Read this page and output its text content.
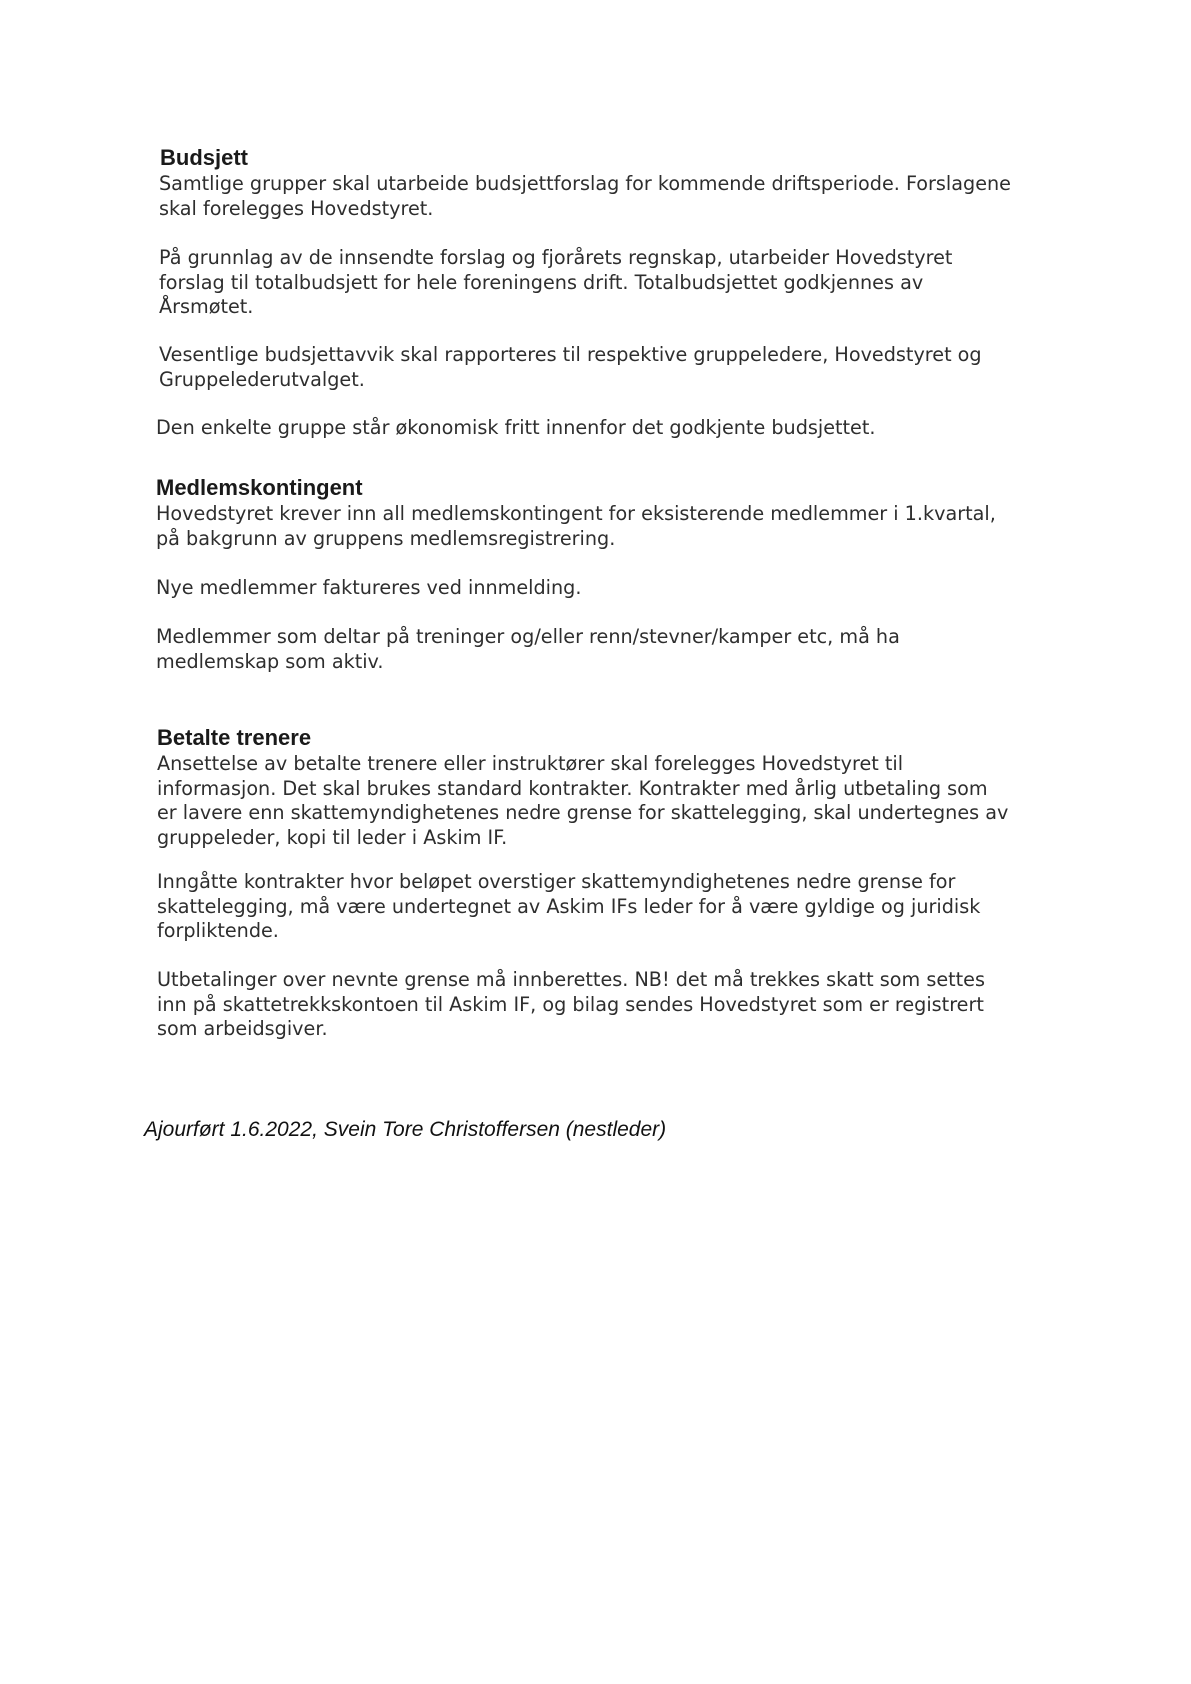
Budsjett

Samtlige grupper skal utarbeide budsjettforslag for kommende driftsperiode. Forslagene
skal forelegges Hovedstyret.

På grunnlag av de innsendte forslag og fjorårets regnskap, utarbeider Hovedstyret
forslag til totalbudsjett for hele foreningens drift. Totalbudsjettet godkjennes av
Årsmøtet.

Vesentlige budsjettavvik skal rapporteres til respektive gruppeledere, Hovedstyret og
Gruppelederutvalget.

Den enkelte gruppe står økonomisk fritt innenfor det godkjente budsjettet.

Medlemskontingent

Hovedstyret krever inn all medlemskontingent for eksisterende medlemmer i 1.kvartal,
på bakgrunn av gruppens medlemsregistrering.

Nye medlemmer faktureres ved innmelding.

Medlemmer som deltar på treninger og/eller renn/stevner/kamper etc, må ha
medlemskap som aktiv.

Betalte trenere

Ansettelse av betalte trenere eller instruktører skal forelegges Hovedstyret til
informasjon. Det skal brukes standard kontrakter. Kontrakter med årlig utbetaling som
er lavere enn skattemyndighetenes nedre grense for skattelegging, skal undertegnes av
gruppeleder, kopi til leder i Askim IF.

Inngåtte kontrakter hvor beløpet overstiger skattemyndighetenes nedre grense for
skattelegging, må være undertegnet av Askim IFs leder for å være gyldige og juridisk
forpliktende.

Utbetalinger over nevnte grense må innberettes. NB! det må trekkes skatt som settes
inn på skattetrekkskontoen til Askim IF, og bilag sendes Hovedstyret som er registrert
som arbeidsgiver.

Ajourført 1.6.2022, Svein Tore Christoffersen (nestleder)
